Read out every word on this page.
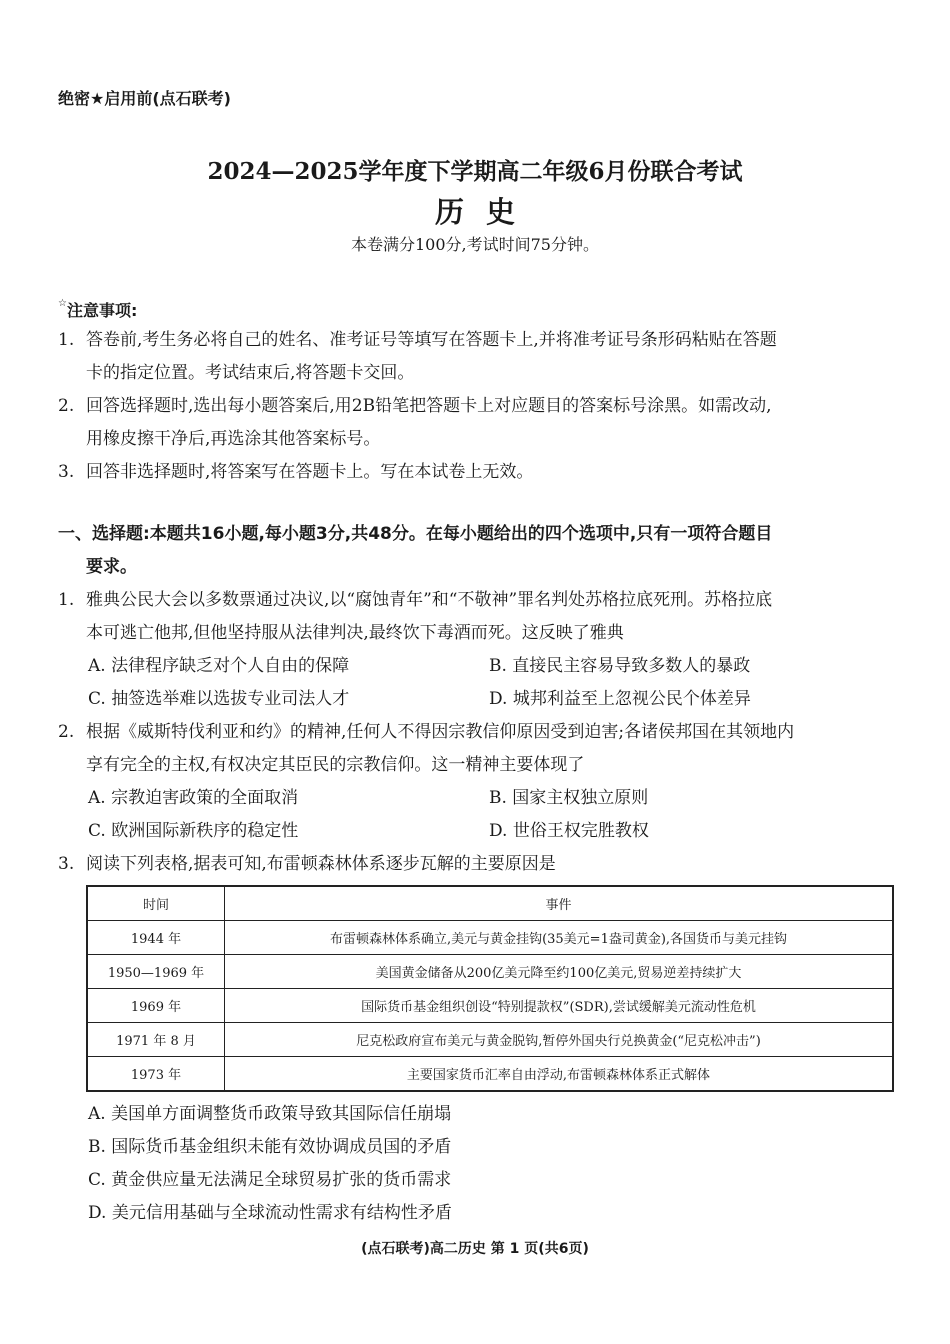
绝密★启用前(点石联考)
2024—2025学年度下学期高二年级6月份联合考试
历史
本卷满分100分,考试时间75分钟。
☆注意事项:
1. 答卷前,考生务必将自己的姓名、准考证号等填写在答题卡上,并将准考证号条形码粘贴在答题
卡的指定位置。考试结束后,将答题卡交回。
2. 回答选择题时,选出每小题答案后,用2B铅笔把答题卡上对应题目的答案标号涂黑。如需改动,
用橡皮擦干净后,再选涂其他答案标号。
3. 回答非选择题时,将答案写在答题卡上。写在本试卷上无效。
一、选择题:本题共16小题,每小题3分,共48分。在每小题给出的四个选项中,只有一项符合题目
要求。
1. 雅典公民大会以多数票通过决议,以“腐蚀青年”和“不敬神”罪名判处苏格拉底死刑。苏格拉底
本可逃亡他邦,但他坚持服从法律判决,最终饮下毒酒而死。这反映了雅典
A. 法律程序缺乏对个人自由的保障	B. 直接民主容易导致多数人的暴政
C. 抽签选举难以选拔专业司法人才	D. 城邦利益至上忽视公民个体差异
2. 根据《威斯特伐利亚和约》的精神,任何人不得因宗教信仰原因受到迫害;各诸侯邦国在其领地内
享有完全的主权,有权决定其臣民的宗教信仰。这一精神主要体现了
A. 宗教迫害政策的全面取消	B. 国家主权独立原则
C. 欧洲国际新秩序的稳定性	D. 世俗王权完胜教权
3. 阅读下列表格,据表可知,布雷顿森林体系逐步瓦解的主要原因是
时间	事件
1944 年	布雷顿森林体系确立,美元与黄金挂钩(35美元=1盎司黄金),各国货币与美元挂钩
1950—1969 年	美国黄金储备从200亿美元降至约100亿美元,贸易逆差持续扩大
1969 年	国际货币基金组织创设“特别提款权”(SDR),尝试缓解美元流动性危机
1971 年 8 月	尼克松政府宣布美元与黄金脱钩,暂停外国央行兑换黄金(“尼克松冲击”)
1973 年	主要国家货币汇率自由浮动,布雷顿森林体系正式解体
A. 美国单方面调整货币政策导致其国际信任崩塌
B. 国际货币基金组织未能有效协调成员国的矛盾
C. 黄金供应量无法满足全球贸易扩张的货币需求
D. 美元信用基础与全球流动性需求有结构性矛盾
(点石联考)高二历史 第 1 页(共6页)
